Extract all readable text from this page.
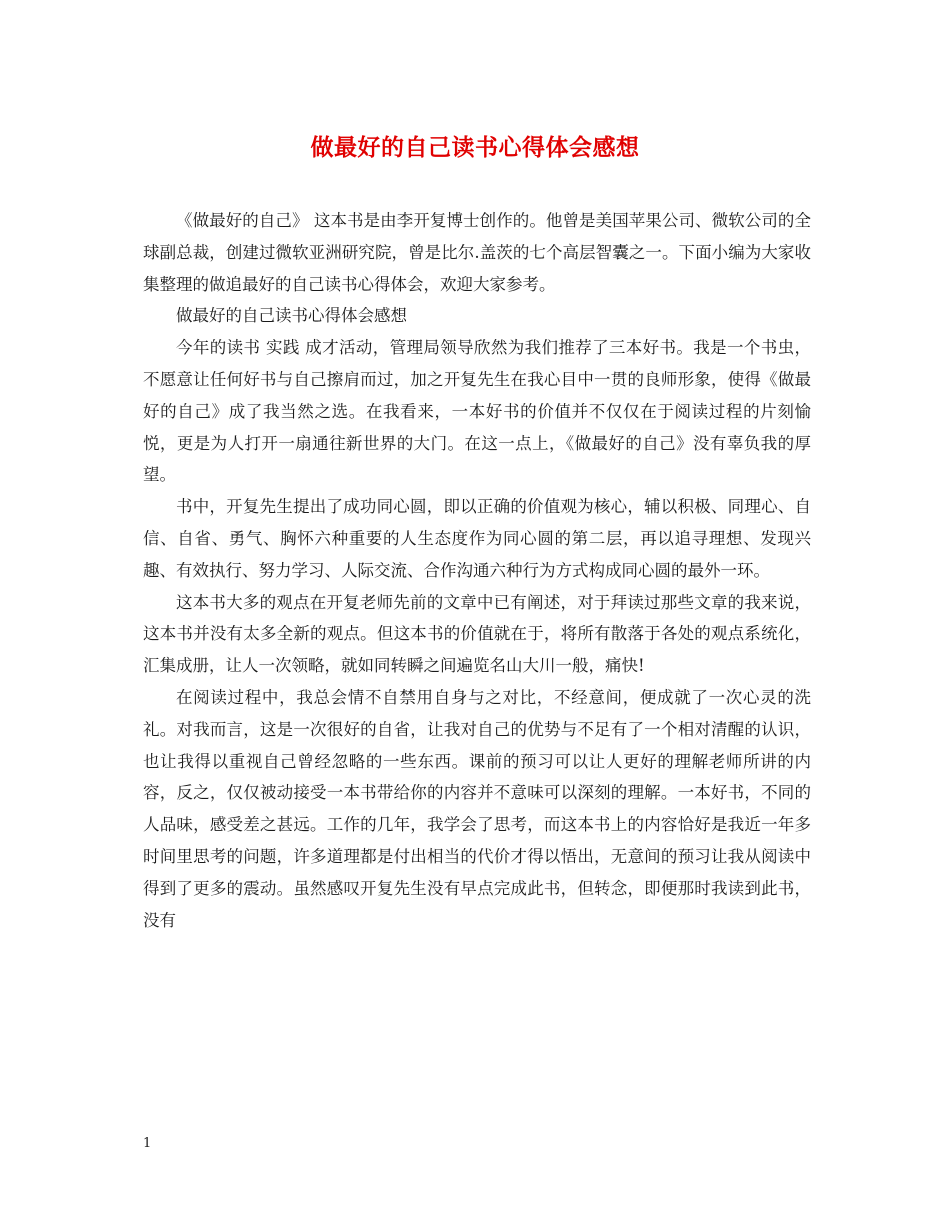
做最好的自己读书心得体会感想

《做最好的自己》 这本书是由李开复博士创作的。他曾是美国苹果公司、微软公司的全球副总裁，创建过微软亚洲研究院，曾是比尔.盖茨的七个高层智囊之一。下面小编为大家收集整理的做追最好的自己读书心得体会，欢迎大家参考。

做最好的自己读书心得体会感想

今年的读书 实践 成才活动，管理局领导欣然为我们推荐了三本好书。我是一个书虫，不愿意让任何好书与自己擦肩而过，加之开复先生在我心目中一贯的良师形象，使得《做最好的自己》成了我当然之选。在我看来，一本好书的价值并不仅仅在于阅读过程的片刻愉悦，更是为人打开一扇通往新世界的大门。在这一点上，《做最好的自己》没有辜负我的厚望。

书中，开复先生提出了成功同心圆，即以正确的价值观为核心，辅以积极、同理心、自信、自省、勇气、胸怀六种重要的人生态度作为同心圆的第二层，再以追寻理想、发现兴趣、有效执行、努力学习、人际交流、合作沟通六种行为方式构成同心圆的最外一环。

这本书大多的观点在开复老师先前的文章中已有阐述，对于拜读过那些文章的我来说，这本书并没有太多全新的观点。但这本书的价值就在于，将所有散落于各处的观点系统化，汇集成册，让人一次领略，就如同转瞬之间遍览名山大川一般，痛快!

在阅读过程中，我总会情不自禁用自身与之对比，不经意间，便成就了一次心灵的洗礼。对我而言，这是一次很好的自省，让我对自己的优势与不足有了一个相对清醒的认识，也让我得以重视自己曾经忽略的一些东西。课前的预习可以让人更好的理解老师所讲的内容，反之，仅仅被动接受一本书带给你的内容并不意味可以深刻的理解。一本好书，不同的人品味，感受差之甚远。工作的几年，我学会了思考，而这本书上的内容恰好是我近一年多时间里思考的问题，许多道理都是付出相当的代价才得以悟出，无意间的预习让我从阅读中得到了更多的震动。虽然感叹开复先生没有早点完成此书，但转念，即便那时我读到此书，没有

1
